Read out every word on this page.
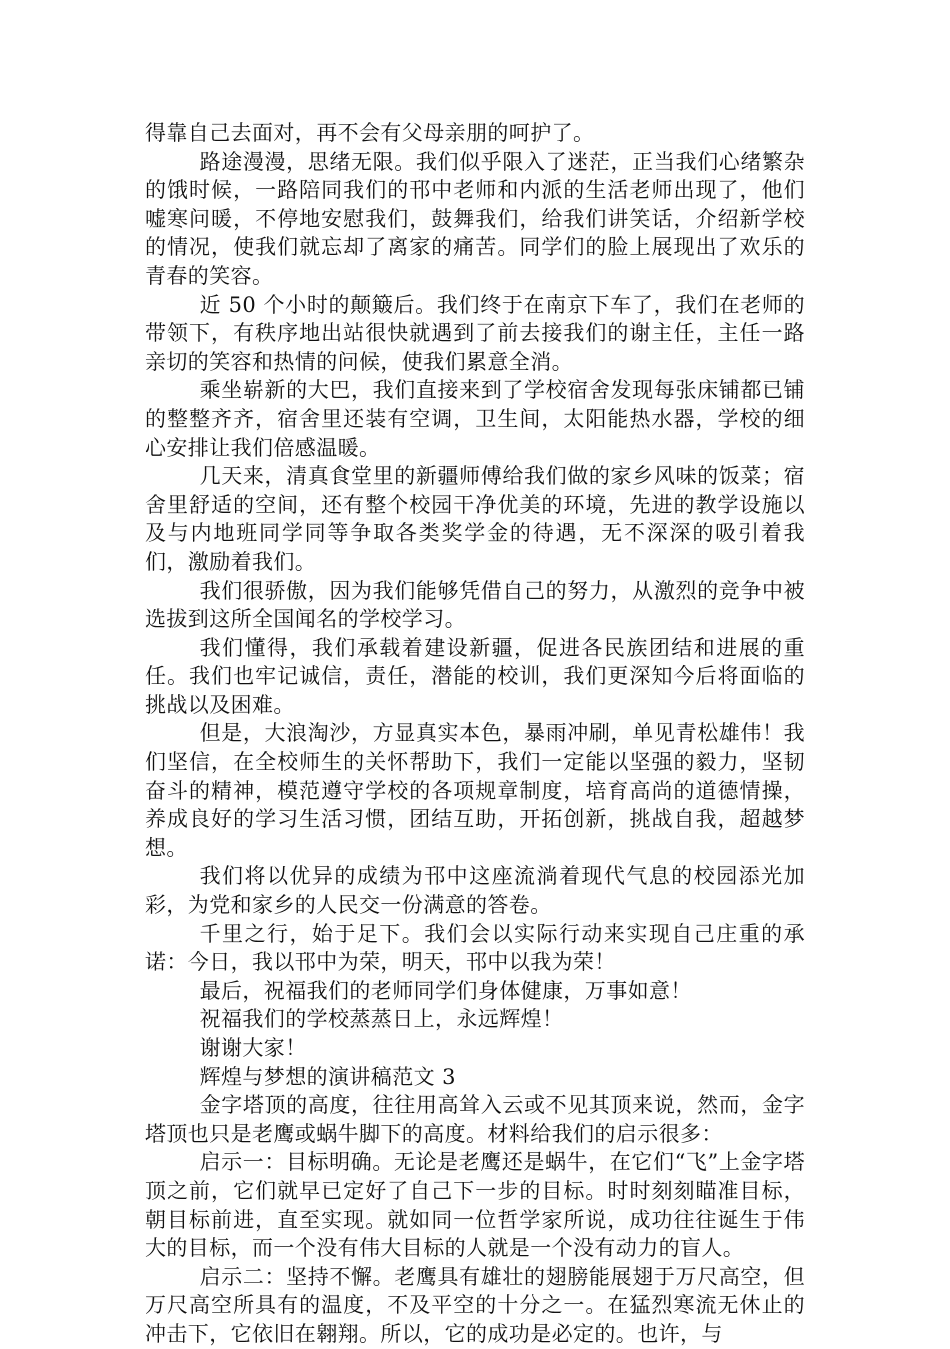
得靠自己去面对，再不会有父母亲朋的呵护了。

路途漫漫，思绪无限。我们似乎限入了迷茫，正当我们心绪繁杂的饿时候，一路陪同我们的邗中老师和内派的生活老师出现了，他们嘘寒问暖，不停地安慰我们，鼓舞我们，给我们讲笑话，介绍新学校的情况，使我们就忘却了离家的痛苦。同学们的脸上展现出了欢乐的青春的笑容。

近 50 个小时的颠簸后。我们终于在南京下车了，我们在老师的带领下，有秩序地出站很快就遇到了前去接我们的谢主任，主任一路亲切的笑容和热情的问候，使我们累意全消。

乘坐崭新的大巴，我们直接来到了学校宿舍发现每张床铺都已铺的整整齐齐，宿舍里还装有空调，卫生间，太阳能热水器，学校的细心安排让我们倍感温暖。

几天来，清真食堂里的新疆师傅给我们做的家乡风味的饭菜；宿舍里舒适的空间，还有整个校园干净优美的环境，先进的教学设施以及与内地班同学同等争取各类奖学金的待遇，无不深深的吸引着我们，激励着我们。

我们很骄傲，因为我们能够凭借自己的努力，从激烈的竞争中被选拔到这所全国闻名的学校学习。

我们懂得，我们承载着建设新疆，促进各民族团结和进展的重任。我们也牢记诚信，责任，潜能的校训，我们更深知今后将面临的挑战以及困难。

但是，大浪淘沙，方显真实本色，暴雨冲刷，单见青松雄伟！我们坚信，在全校师生的关怀帮助下，我们一定能以坚强的毅力，坚韧奋斗的精神，模范遵守学校的各项规章制度，培育高尚的道德情操，养成良好的学习生活习惯，团结互助，开拓创新，挑战自我，超越梦想。

我们将以优异的成绩为邗中这座流淌着现代气息的校园添光加彩，为党和家乡的人民交一份满意的答卷。

千里之行，始于足下。我们会以实际行动来实现自己庄重的承诺：今日，我以邗中为荣，明天，邗中以我为荣！

最后，祝福我们的老师同学们身体健康，万事如意！

祝福我们的学校蒸蒸日上，永远辉煌！

谢谢大家！

辉煌与梦想的演讲稿范文 3

金字塔顶的高度，往往用高耸入云或不见其顶来说，然而，金字塔顶也只是老鹰或蜗牛脚下的高度。材料给我们的启示很多：

启示一：目标明确。无论是老鹰还是蜗牛，在它们“飞”上金字塔顶之前，它们就早已定好了自己下一步的目标。时时刻刻瞄准目标，朝目标前进，直至实现。就如同一位哲学家所说，成功往往诞生于伟大的目标，而一个没有伟大目标的人就是一个没有动力的盲人。

启示二：坚持不懈。老鹰具有雄壮的翅膀能展翅于万尺高空，但万尺高空所具有的温度，不及平空的十分之一。在猛烈寒流无休止的冲击下，它依旧在翱翔。所以，它的成功是必定的。也许，与
